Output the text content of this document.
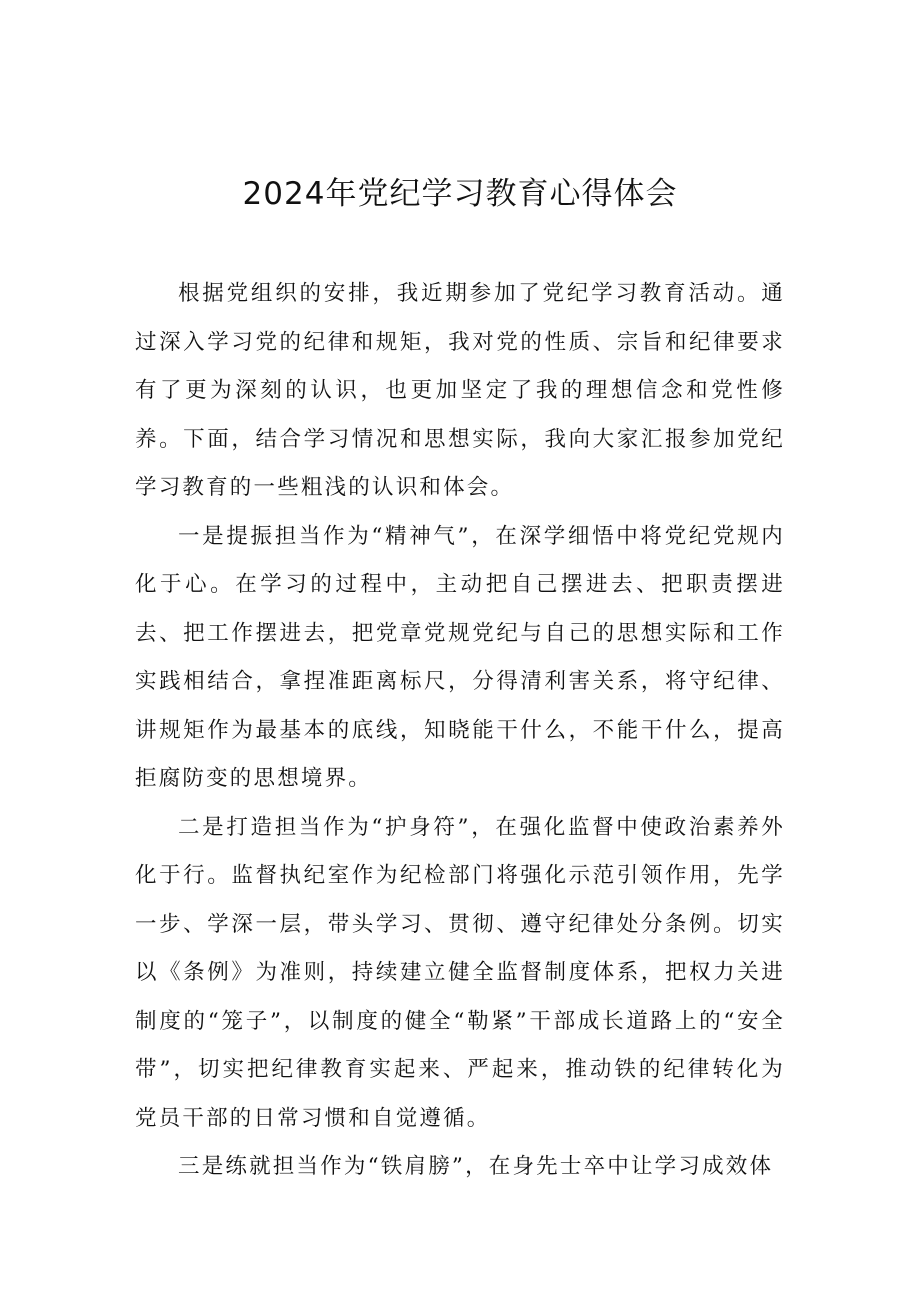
2024年党纪学习教育心得体会

根据党组织的安排，我近期参加了党纪学习教育活动。通过深入学习党的纪律和规矩，我对党的性质、宗旨和纪律要求有了更为深刻的认识，也更加坚定了我的理想信念和党性修养。下面，结合学习情况和思想实际，我向大家汇报参加党纪学习教育的一些粗浅的认识和体会。

一是提振担当作为“精神气”，在深学细悟中将党纪党规内化于心。在学习的过程中，主动把自己摆进去、把职责摆进去、把工作摆进去，把党章党规党纪与自己的思想实际和工作实践相结合，拿捏准距离标尺，分得清利害关系，将守纪律、讲规矩作为最基本的底线，知晓能干什么，不能干什么，提高拒腐防变的思想境界。

二是打造担当作为“护身符”，在强化监督中使政治素养外化于行。监督执纪室作为纪检部门将强化示范引领作用，先学一步、学深一层，带头学习、贯彻、遵守纪律处分条例。切实以《条例》为准则，持续建立健全监督制度体系，把权力关进制度的“笼子”，以制度的健全“勒紧”干部成长道路上的“安全带”，切实把纪律教育实起来、严起来，推动铁的纪律转化为党员干部的日常习惯和自觉遵循。

三是练就担当作为“铁肩膀”，在身先士卒中让学习成效体
